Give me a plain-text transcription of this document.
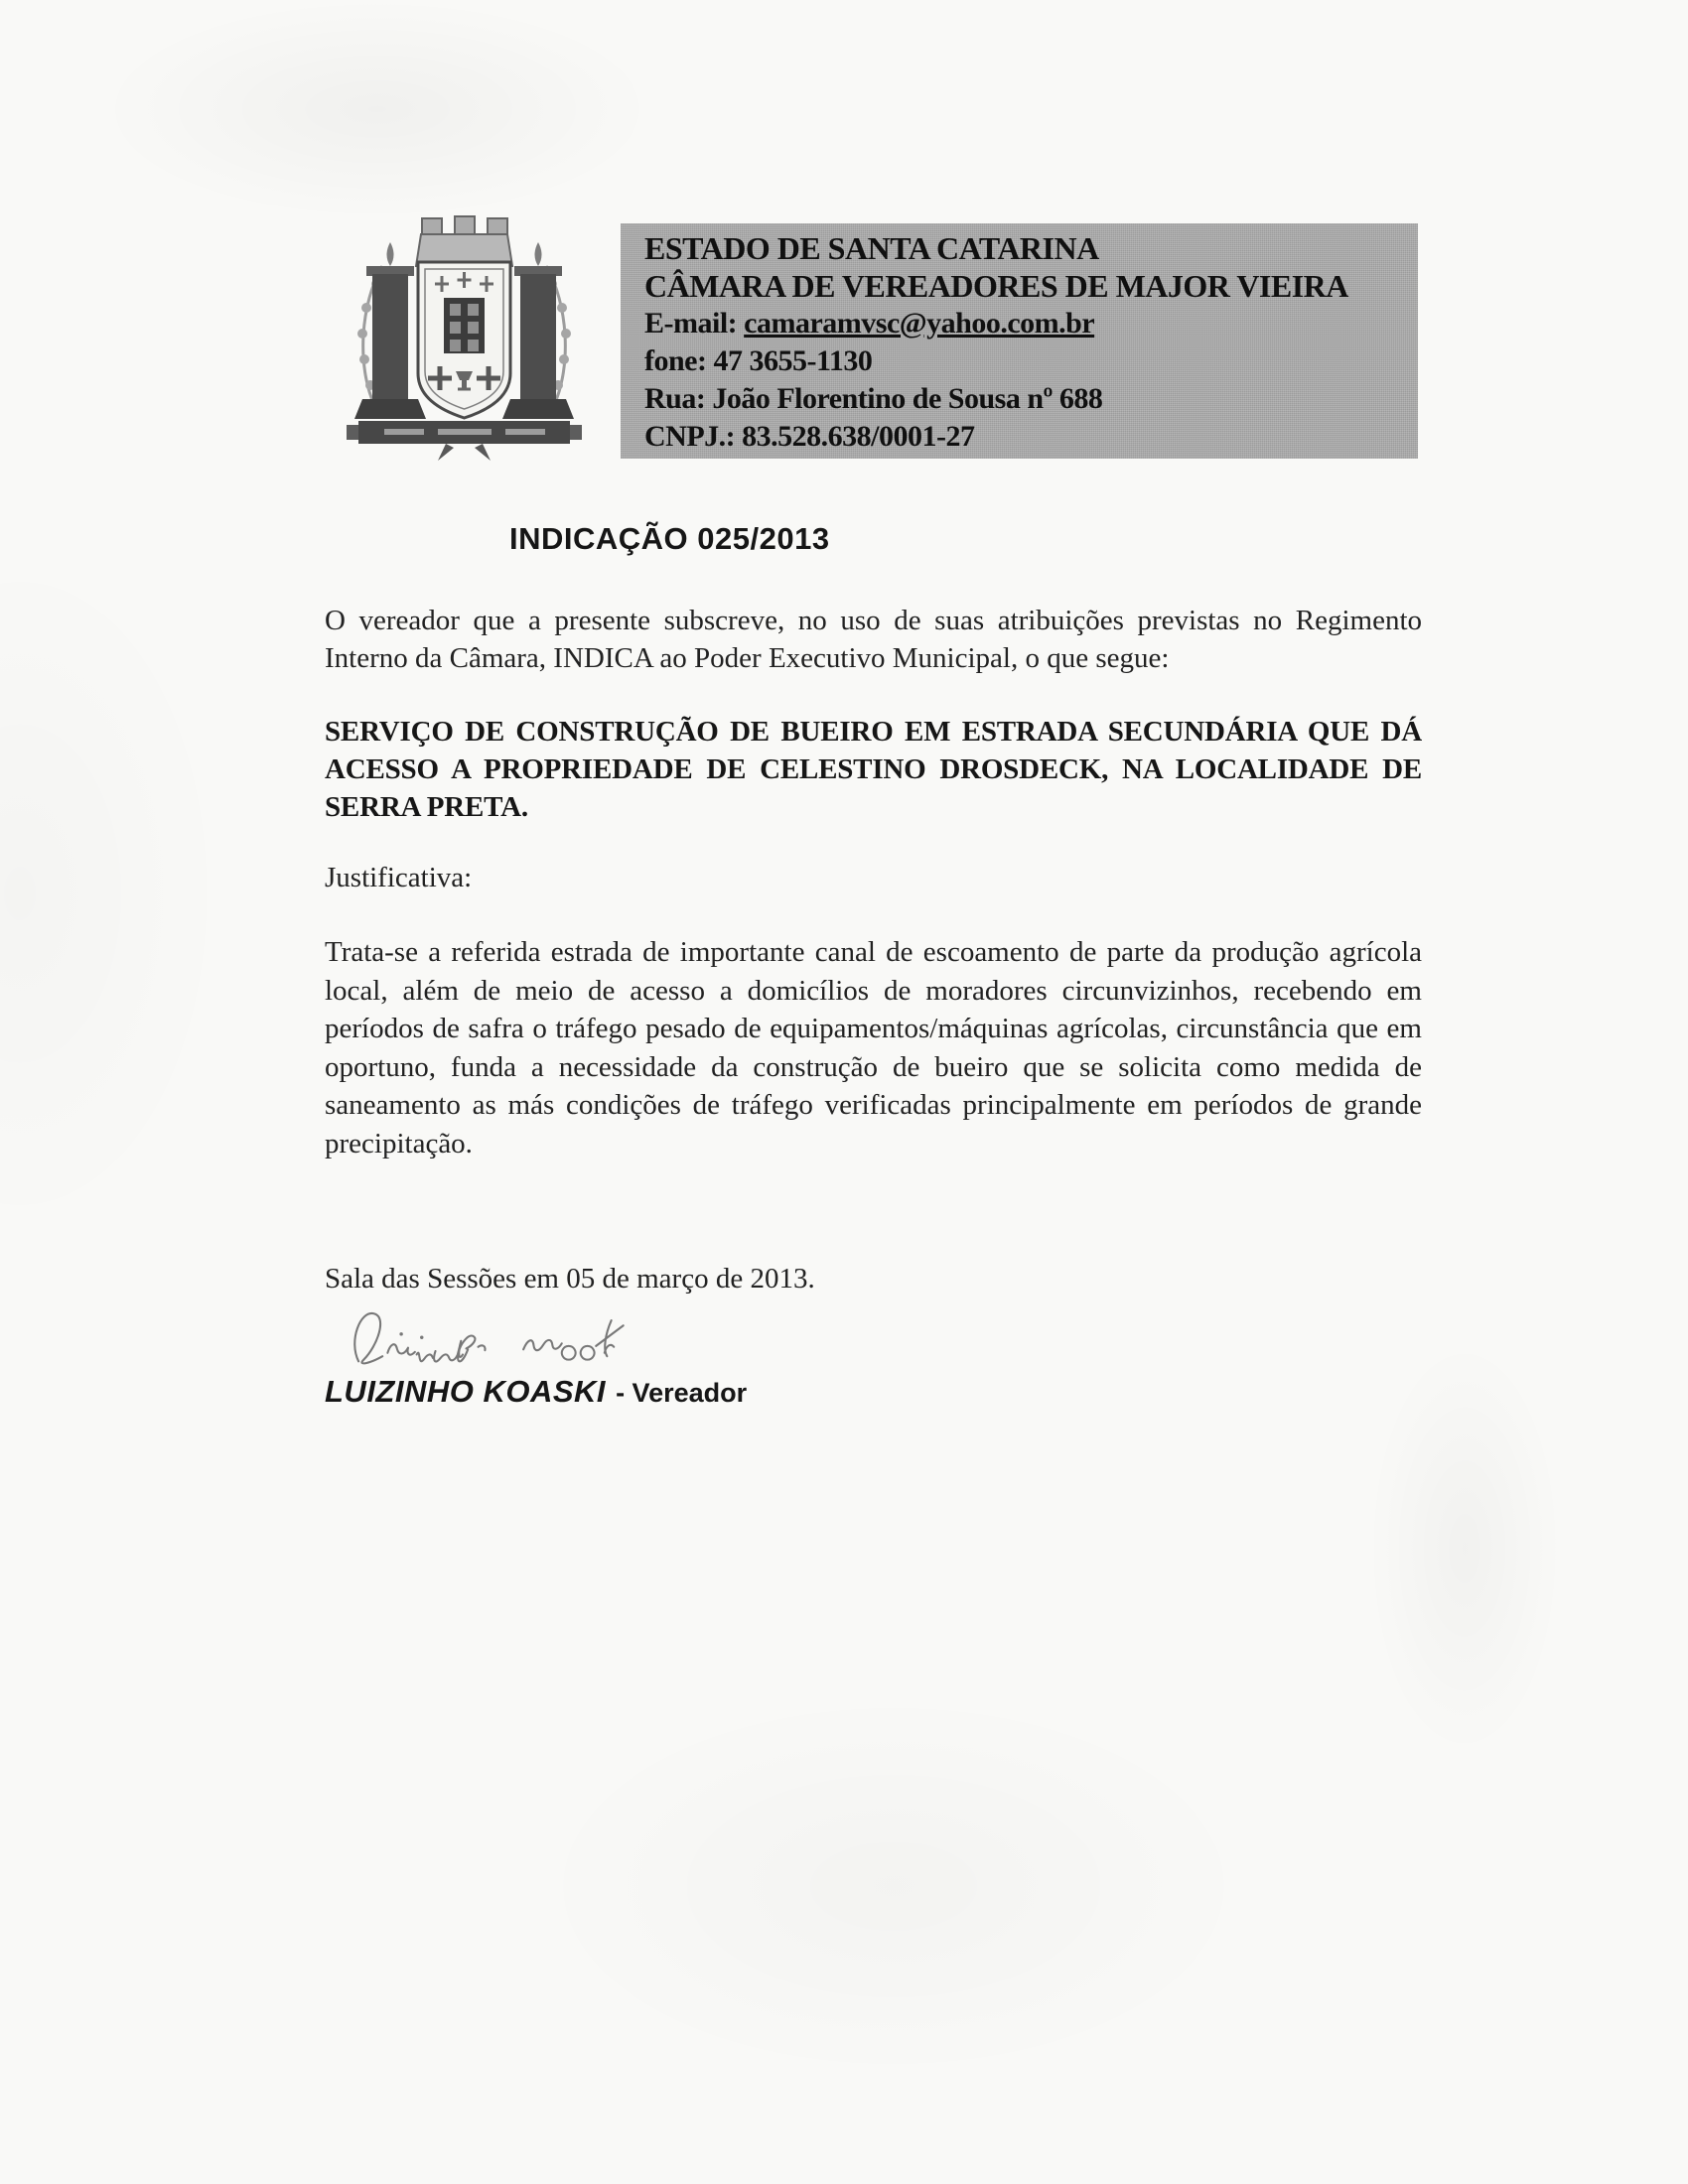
ESTADO DE SANTA CATARINA
CÂMARA DE VEREADORES DE MAJOR VIEIRA
E-mail: camaramvsc@yahoo.com.br
fone: 47 3655-1130
Rua: João Florentino de Sousa nº 688
CNPJ.: 83.528.638/0001-27
INDICAÇÃO 025/2013

O vereador que a presente subscreve, no uso de suas atribuições previstas no Regimento Interno da Câmara, INDICA ao Poder Executivo Municipal, o que segue:

SERVIÇO DE CONSTRUÇÃO DE BUEIRO EM ESTRADA SECUNDÁRIA QUE DÁ ACESSO A PROPRIEDADE DE CELESTINO DROSDECK, NA LOCALIDADE DE SERRA PRETA.

Justificativa:

Trata-se a referida estrada de importante canal de escoamento de parte da produção agrícola local, além de meio de acesso a domicílios de moradores circunvizinhos, recebendo em períodos de safra o tráfego pesado de equipamentos/máquinas agrícolas, circunstância que em oportuno, funda a necessidade da construção de bueiro que se solicita como medida de saneamento as más condições de tráfego verificadas principalmente em períodos de grande precipitação.

Sala das Sessões em 05 de março de 2013.

LUIZINHO KOASKI - Vereador
